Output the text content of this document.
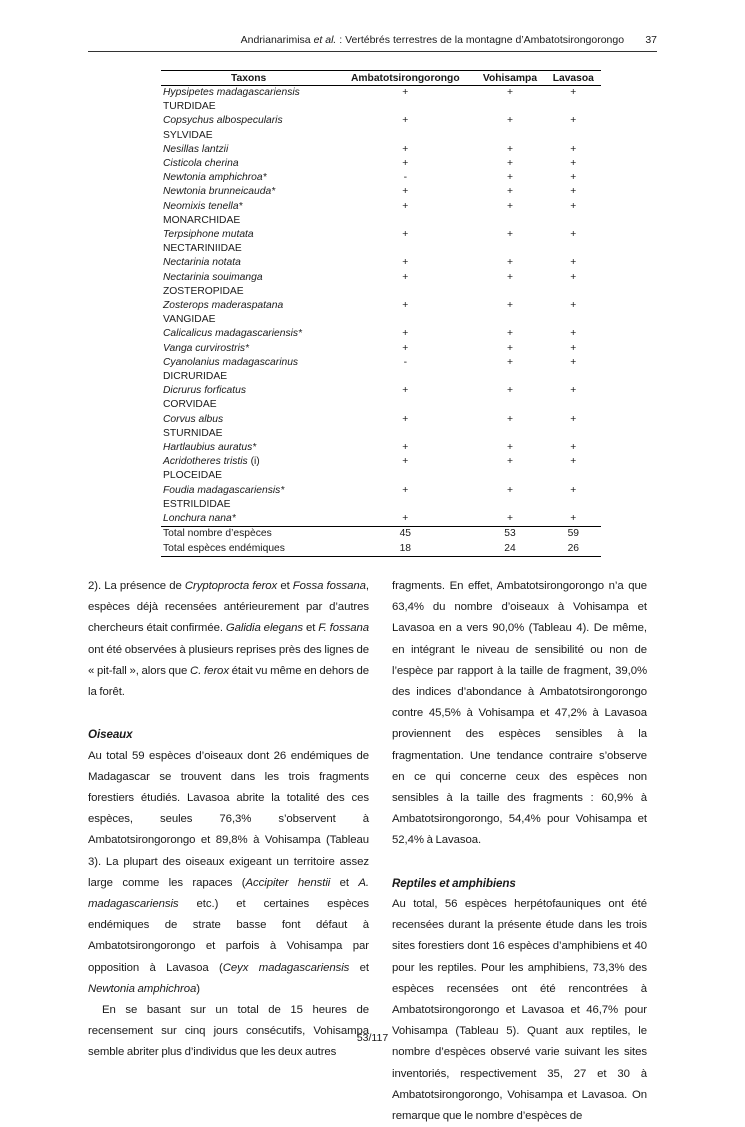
Andrianarimisa et al. : Vertébrés terrestres de la montagne d’Ambatotsirongorongo 37
Taxons	Ambatotsirongorongo	Vohisampa	Lavasoa
Hypsipetes madagascariensis	+	+	+
TURDIDAE			
Copsychus albospecularis	+	+	+
SYLVIDAE			
Nesillas lantzii	+	+	+
Cisticola cherina	+	+	+
Newtonia amphichroa*	-	+	+
Newtonia brunneicauda*	+	+	+
Neomixis tenella*	+	+	+
MONARCHIDAE			
Terpsiphone mutata	+	+	+
NECTARINIIDAE			
Nectarinia notata	+	+	+
Nectarinia souimanga	+	+	+
ZOSTEROPIDAE			
Zosterops maderaspatana	+	+	+
VANGIDAE			
Calicalicus madagascariensis*	+	+	+
Vanga curvirostris*	+	+	+
Cyanolanius madagascarinus	-	+	+
DICRURIDAE			
Dicrurus forficatus	+	+	+
CORVIDAE			
Corvus albus	+	+	+
STURNIDAE			
Hartlaubius auratus*	+	+	+
Acridotheres tristis (i)	+	+	+
PLOCEIDAE			
Foudia madagascariensis*	+	+	+
ESTRILDIDAE			
Lonchura nana*	+	+	+
Total nombre d’espèces	45	53	59
Total espèces endémiques	18	24	26

2). La présence de Cryptoprocta ferox et Fossa fossana, espèces déjà recensées antérieurement par d’autres chercheurs était confirmée. Galidia elegans et F. fossana ont été observées à plusieurs reprises près des lignes de « pit-fall », alors que C. ferox était vu même en dehors de la forêt.

Oiseaux

Au total 59 espèces d’oiseaux dont 26 endémiques de Madagascar se trouvent dans les trois fragments forestiers étudiés. Lavasoa abrite la totalité des ces espèces, seules 76,3% s’observent à Ambatotsirongorongo et 89,8% à Vohisampa (Tableau 3). La plupart des oiseaux exigeant un territoire assez large comme les rapaces (Accipiter henstii et A. madagascariensis etc.) et certaines espèces endémiques de strate basse font défaut à Ambatotsirongorongo et parfois à Vohisampa par opposition à Lavasoa (Ceyx madagascariensis et Newtonia amphichroa)

En se basant sur un total de 15 heures de recensement sur cinq jours consécutifs, Vohisampa semble abriter plus d’individus que les deux autres

fragments. En effet, Ambatotsirongorongo n’a que 63,4% du nombre d’oiseaux à Vohisampa et Lavasoa en a vers 90,0% (Tableau 4). De même, en intégrant le niveau de sensibilité ou non de l’espèce par rapport à la taille de fragment, 39,0% des indices d’abondance à Ambatotsirongorongo contre 45,5% à Vohisampa et 47,2% à Lavasoa proviennent des espèces sensibles à la fragmentation. Une tendance contraire s’observe en ce qui concerne ceux des espèces non sensibles à la taille des fragments : 60,9% à Ambatotsirongorongo, 54,4% pour Vohisampa et 52,4% à Lavasoa.

Reptiles et amphibiens

Au total, 56 espèces herpétofauniques ont été recensées durant la présente étude dans les trois sites forestiers dont 16 espèces d’amphibiens et 40 pour les reptiles. Pour les amphibiens, 73,3% des espèces recensées ont été rencontrées à Ambatotsirongorongo et Lavasoa et 46,7% pour Vohisampa (Tableau 5). Quant aux reptiles, le nombre d’espèces observé varie suivant les sites inventoriés, respectivement 35, 27 et 30 à Ambatotsirongorongo, Vohisampa et Lavasoa. On remarque que le nombre d’espèces de

53/117
